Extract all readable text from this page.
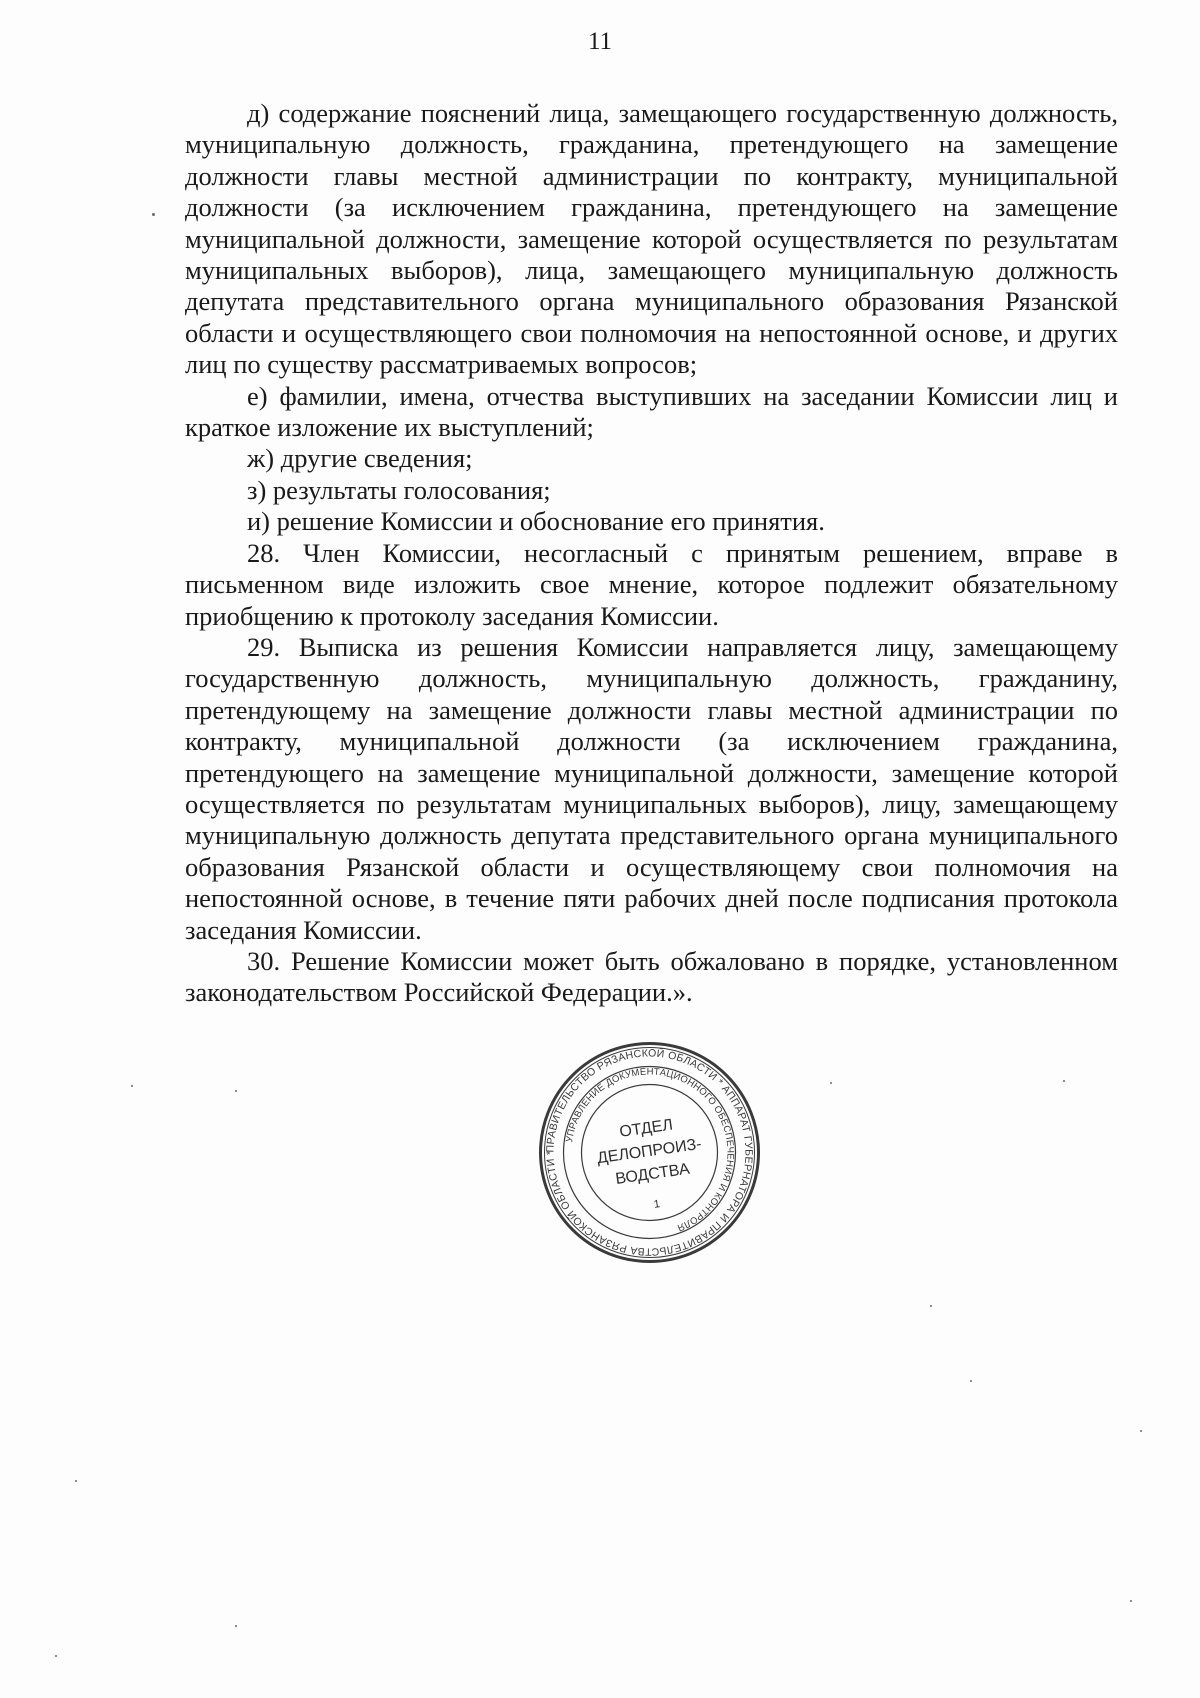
11

д) содержание пояснений лица, замещающего государственную должность, муниципальную должность, гражданина, претендующего на замещение должности главы местной администрации по контракту, муниципальной должности (за исключением гражданина, претендующего на замещение муниципальной должности, замещение которой осуществляется по результатам муниципальных выборов), лица, замещающего муниципальную должность депутата представительного органа муниципального образования Рязанской области и осуществляющего свои полномочия на непостоянной основе, и других лиц по существу рассматриваемых вопросов;

е) фамилии, имена, отчества выступивших на заседании Комиссии лиц и краткое изложение их выступлений;

ж) другие сведения;

з) результаты голосования;

и) решение Комиссии и обоснование его принятия.

28. Член Комиссии, несогласный с принятым решением, вправе в письменном виде изложить свое мнение, которое подлежит обязательному приобщению к протоколу заседания Комиссии.

29. Выписка из решения Комиссии направляется лицу, замещающему государственную должность, муниципальную должность, гражданину, претендующему на замещение должности главы местной администрации по контракту, муниципальной должности (за исключением гражданина, претендующего на замещение муниципальной должности, замещение которой осуществляется по результатам муниципальных выборов), лицу, замещающему муниципальную должность депутата представительного органа муниципального образования Рязанской области и осуществляющему свои полномочия на непостоянной основе, в течение пяти рабочих дней после подписания протокола заседания Комиссии.

30. Решение Комиссии может быть обжаловано в порядке, установленном законодательством Российской Федерации.».

ПРАВИТЕЛЬСТВО РЯЗАНСКОЙ ОБЛАСТИ * АППАРАТ ГУБЕРНАТОРА И ПРАВИТЕЛЬСТВА РЯЗАНСКОЙ ОБЛАСТИ *
УПРАВЛЕНИЕ ДОКУМЕНТАЦИОННОГО ОБЕСПЕЧЕНИЯ И КОНТРОЛЯ
ОТДЕЛ
ДЕЛОПРОИЗ-
ВОДСТВА
1
